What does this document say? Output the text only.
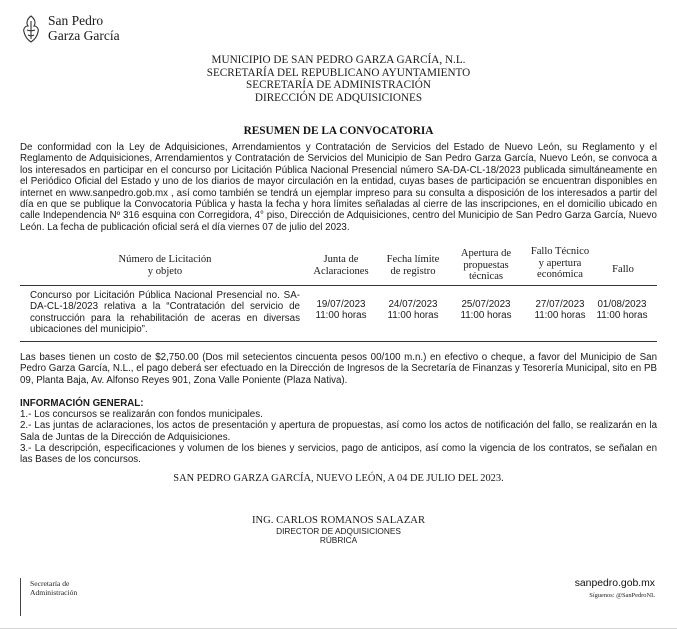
San Pedro
Garza García
MUNICIPIO DE SAN PEDRO GARZA GARCÍA, N.L.
SECRETARÍA DEL REPUBLICANO AYUNTAMIENTO
SECRETARÍA DE ADMINISTRACIÓN
DIRECCIÓN DE ADQUISICIONES
RESUMEN DE LA CONVOCATORIA
De conformidad con la Ley de Adquisiciones, Arrendamientos y Contratación de Servicios del Estado de Nuevo León, su Reglamento y el Reglamento de Adquisiciones, Arrendamientos y Contratación de Servicios del Municipio de San Pedro Garza García, Nuevo León, se convoca a los interesados en participar en el concurso por Licitación Pública Nacional Presencial número SA-DA-CL-18/2023 publicada simultáneamente en el Periódico Oficial del Estado y uno de los diarios de mayor circulación en la entidad, cuyas bases de participación se encuentran disponibles en internet en www.sanpedro.gob.mx , así como también se tendrá un ejemplar impreso para su consulta a disposición de los interesados a partir del día en que se publique la Convocatoria Pública y hasta la fecha y hora límites señaladas al cierre de las inscripciones, en el domicilio ubicado en calle Independencia Nº 316 esquina con Corregidora, 4° piso, Dirección de Adquisiciones, centro del Municipio de San Pedro Garza García, Nuevo León. La fecha de publicación oficial será el día viernes 07 de julio del 2023.
Número de Licitación
y objeto
Junta de
Aclaraciones
Fecha límite
de registro
Apertura de
propuestas
técnicas
Fallo Técnico
y apertura
económica	Fallo
Concurso por Licitación Pública Nacional Presencial no. SA-DA-CL-18/2023 relativa a la “Contratación del servicio de construcción para la rehabilitación de aceras en diversas ubicaciones del municipio”.
19/07/2023
11:00 horas
24/07/2023
11:00 horas
25/07/2023
11:00 horas
27/07/2023
11:00 horas
01/08/2023
11:00 horas
Las bases tienen un costo de $2,750.00 (Dos mil setecientos cincuenta pesos 00/100 m.n.) en efectivo o cheque, a favor del Municipio de San Pedro Garza García, N.L., el pago deberá ser efectuado en la Dirección de Ingresos de la Secretaría de Finanzas y Tesorería Municipal, sito en PB 09, Planta Baja, Av. Alfonso Reyes 901, Zona Valle Poniente (Plaza Nativa).

INFORMACIÓN GENERAL:

1.- Los concursos se realizarán con fondos municipales.

2.- Las juntas de aclaraciones, los actos de presentación y apertura de propuestas, así como los actos de notificación del fallo, se realizarán en la Sala de Juntas de la Dirección de Adquisiciones.

3.- La descripción, especificaciones y volumen de los bienes y servicios, pago de anticipos, así como la vigencia de los contratos, se señalan en las Bases de los concursos.

SAN PEDRO GARZA GARCÍA, NUEVO LEÓN, A 04 DE JULIO DEL 2023.
ING. CARLOS ROMANOS SALAZAR
DIRECTOR DE ADQUISICIONES
RÚBRICA
Secretaría de
Administración
sanpedro.gob.mx
Síguenos: @SanPedroNL
